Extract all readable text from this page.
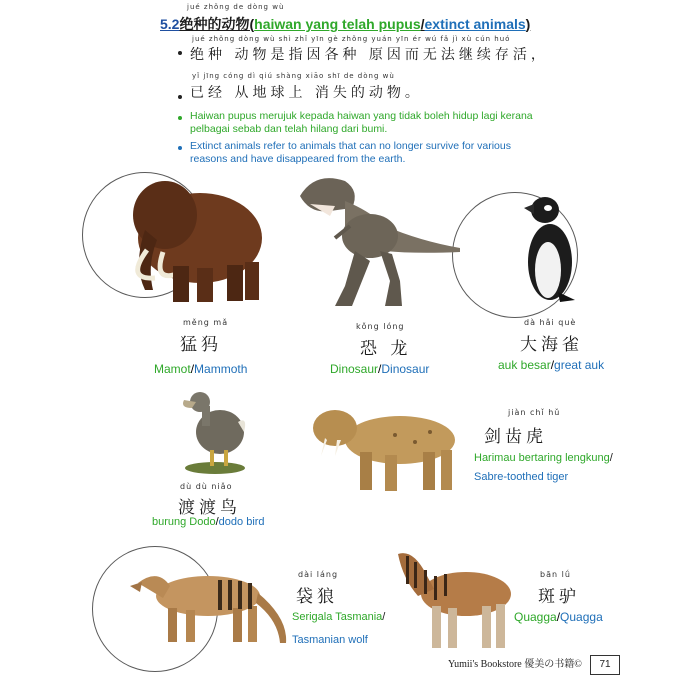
jué zhǒng de dòng wù
5.2绝种的动物(haiwan yang telah pupus/extinct animals)
jué zhǒng dòng wù shì zhǐ yīn gè zhǒng yuán yīn ér wú fǎ jì xù cún huó
绝种 动物是指因各种 原因而无法继续存活，
yǐ jīng cóng dì qiú shàng xiāo shī de dòng wù
已经 从地球上 消失的动物。
Haiwan pupus merujuk kepada haiwan yang tidak boleh hidup lagi kerana
pelbagai sebab dan telah hilang dari bumi.
Extinct animals refer to animals that can no longer survive for various
reasons and have disappeared from the earth.
měng mǎ
猛犸
Mamot/Mammoth
kǒng lóng
恐 龙
Dinosaur/Dinosaur
dà hǎi què
大海雀
auk besar/great auk
dù dù niǎo
渡渡鸟
burung Dodo/dodo bird
jiàn chǐ hǔ
剑齿虎
Harimau bertaring lengkung/
Sabre-toothed tiger
dài láng
袋狼
Serigala Tasmania/
Tasmanian wolf
bān lǘ
斑驴
Quagga/Quagga
Yumii's Bookstore 優美の书籍©	71
